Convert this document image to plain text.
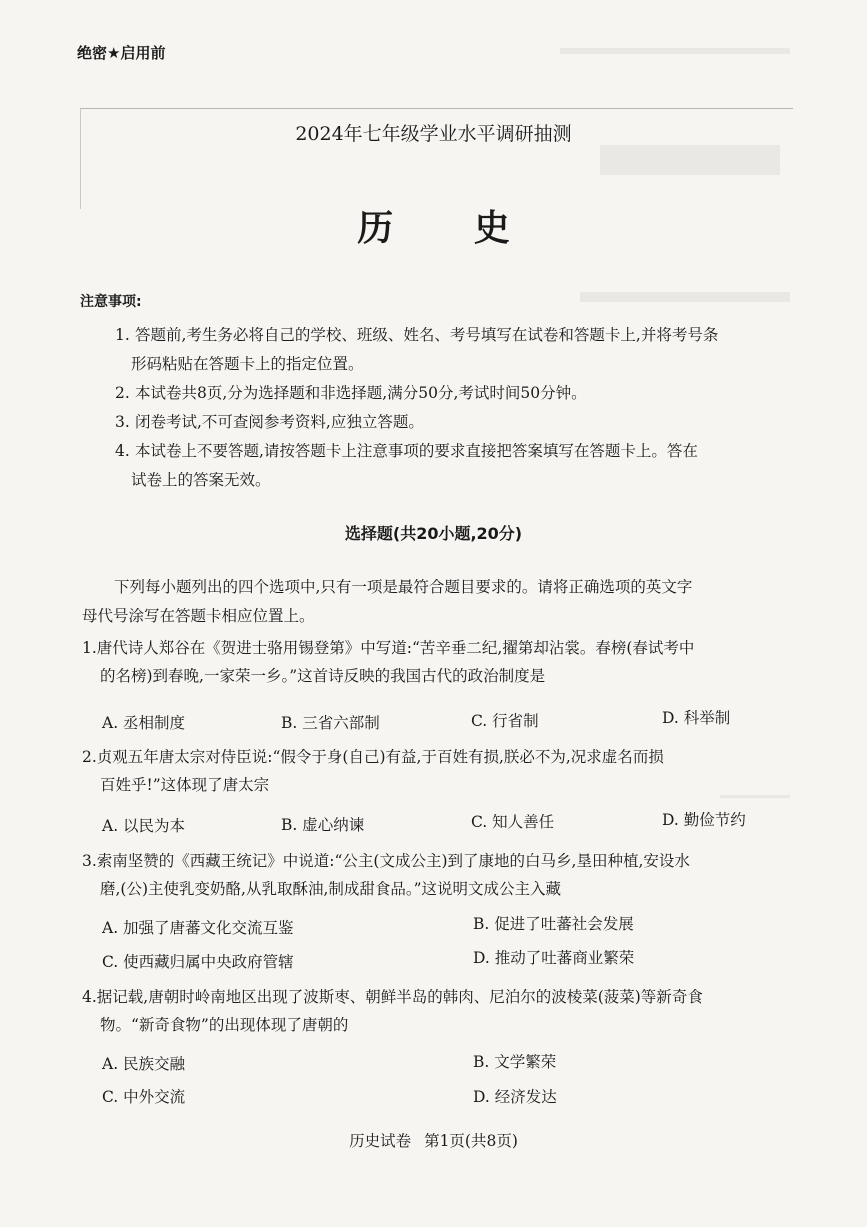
绝密★启用前
2024年七年级学业水平调研抽测
历 史
注意事项:
1. 答题前,考生务必将自己的学校、班级、姓名、考号填写在试卷和答题卡上,并将考号条
形码粘贴在答题卡上的指定位置。
2. 本试卷共8页,分为选择题和非选择题,满分50分,考试时间50分钟。
3. 闭卷考试,不可查阅参考资料,应独立答题。
4. 本试卷上不要答题,请按答题卡上注意事项的要求直接把答案填写在答题卡上。答在
试卷上的答案无效。
选择题(共20小题,20分)
下列每小题列出的四个选项中,只有一项是最符合题目要求的。请将正确选项的英文字
母代号涂写在答题卡相应位置上。
1.唐代诗人郑谷在《贺进士骆用锡登第》中写道:“苦辛垂二纪,擢第却沾裳。春榜(春试考中
的名榜)到春晚,一家荣一乡。”这首诗反映的我国古代的政治制度是
A. 丞相制度	B. 三省六部制	C. 行省制	D. 科举制
2.贞观五年唐太宗对侍臣说:“假令于身(自己)有益,于百姓有损,朕必不为,况求虚名而损
百姓乎!”这体现了唐太宗
A. 以民为本	B. 虚心纳谏	C. 知人善任	D. 勤俭节约
3.索南坚赞的《西藏王统记》中说道:“公主(文成公主)到了康地的白马乡,垦田种植,安设水
磨,(公)主使乳变奶酪,从乳取酥油,制成甜食品。”这说明文成公主入藏
A. 加强了唐蕃文化交流互鉴	B. 促进了吐蕃社会发展
C. 使西藏归属中央政府管辖	D. 推动了吐蕃商业繁荣
4.据记载,唐朝时岭南地区出现了波斯枣、朝鲜半岛的韩肉、尼泊尔的波棱菜(菠菜)等新奇食
物。“新奇食物”的出现体现了唐朝的
A. 民族交融	B. 文学繁荣
C. 中外交流	D. 经济发达
历史试卷 第1页(共8页)
